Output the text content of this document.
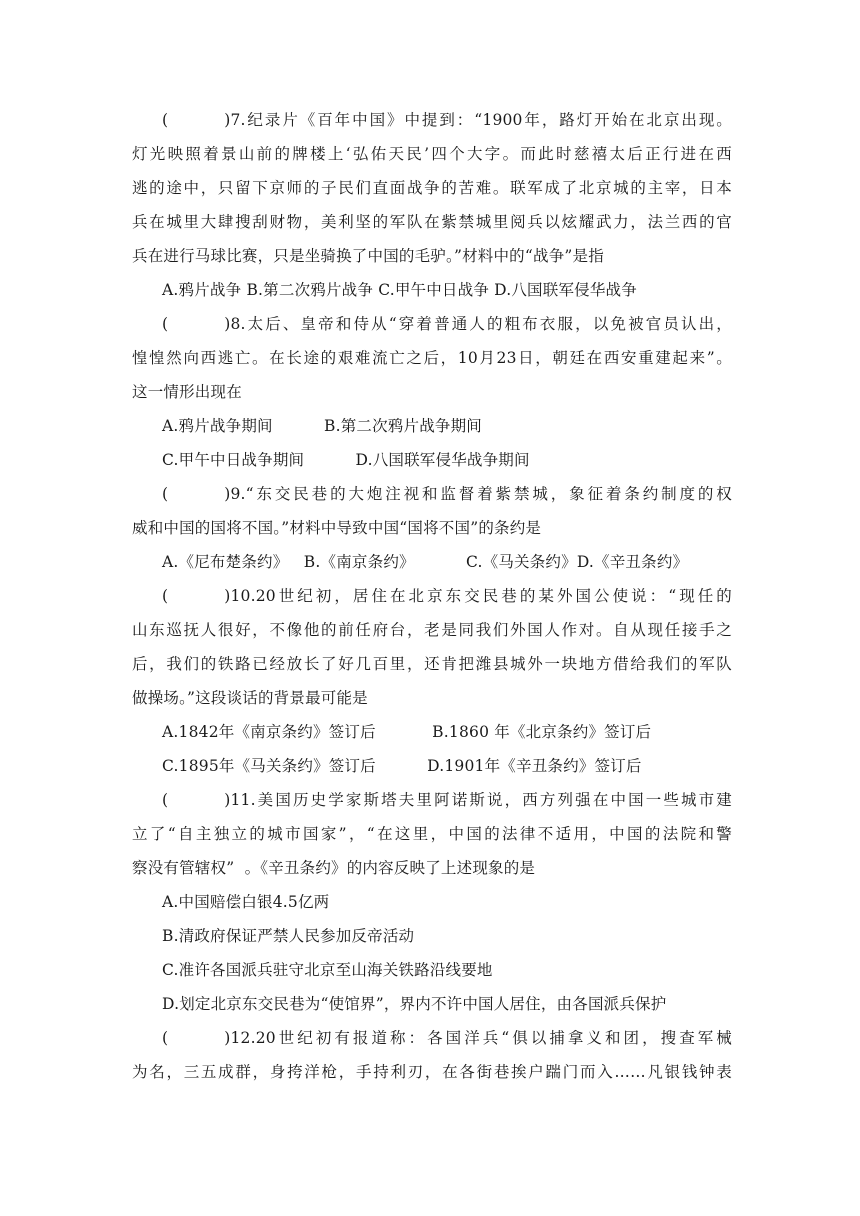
(	)7.纪录片《百年中国》中提到：“1900年，路灯开始在北京出现。
灯光映照着景山前的牌楼上‘弘佑天民’四个大字。而此时慈禧太后正行进在西
逃的途中，只留下京师的子民们直面战争的苦难。联军成了北京城的主宰，日本
兵在城里大肆搜刮财物，美利坚的军队在紫禁城里阅兵以炫耀武力，法兰西的官
兵在进行马球比赛，只是坐骑换了中国的毛驴。”材料中的“战争”是指
A.鸦片战争 B.第二次鸦片战争 C.甲午中日战争 D.八国联军侵华战争
(	)8.太后、皇帝和侍从“穿着普通人的粗布衣服，以免被官员认出，
惶惶然向西逃亡。在长途的艰难流亡之后，10月23日，朝廷在西安重建起来”。
这一情形出现在
A.鸦片战争期间          B.第二次鸦片战争期间
C.甲午中日战争期间          D.八国联军侵华战争期间
(	)9.“东交民巷的大炮注视和监督着紫禁城，象征着条约制度的权
威和中国的国将不国。”材料中导致中国“国将不国”的条约是
A.《尼布楚条约》   B.《南京条约》          C.《马关条约》D.《辛丑条约》
(	)10.20世纪初，居住在北京东交民巷的某外国公使说：“现任的
山东巡抚人很好，不像他的前任府台，老是同我们外国人作对。自从现任接手之
后，我们的铁路已经放长了好几百里，还肯把潍县城外一块地方借给我们的军队
做操场。”这段谈话的背景最可能是
A.1842年《南京条约》签订后           B.1860 年《北京条约》签订后
C.1895年《马关条约》签订后          D.1901年《辛丑条约》签订后
(	)11.美国历史学家斯塔夫里阿诺斯说，西方列强在中国一些城市建
立了“自主独立的城市国家”，“在这里，中国的法律不适用，中国的法院和警
察没有管辖权”  。《辛丑条约》的内容反映了上述现象的是
A.中国赔偿白银4.5亿两
B.清政府保证严禁人民参加反帝活动
C.准许各国派兵驻守北京至山海关铁路沿线要地
D.划定北京东交民巷为“使馆界”，界内不许中国人居住，由各国派兵保护
(	)12.20世纪初有报道称：各国洋兵“俱以捕拿义和团，搜查军械
为名，三五成群，身挎洋枪，手持利刃，在各街巷挨户踹门而入……凡银钱钟表
